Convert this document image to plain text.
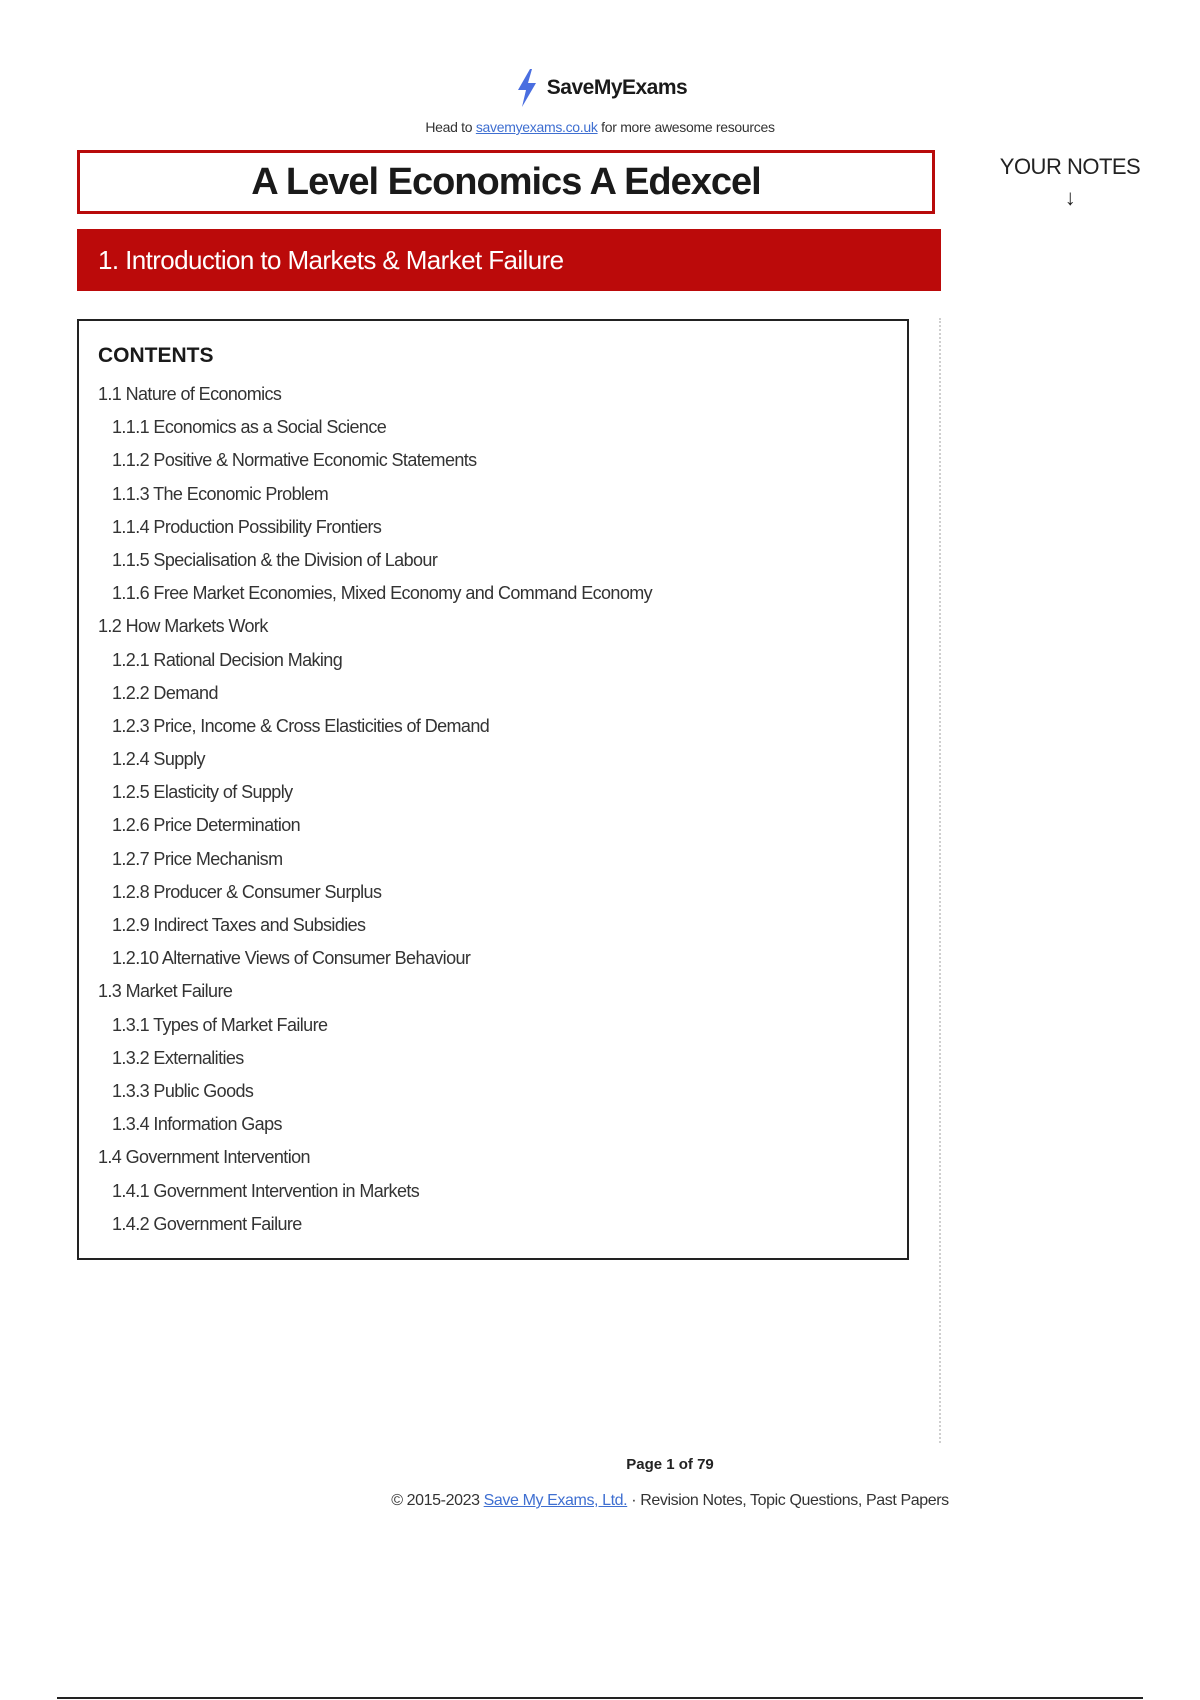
SaveMyExams
Head to savemyexams.co.uk for more awesome resources
A Level Economics A Edexcel
1. Introduction to Markets & Market Failure
YOUR NOTES
↓
CONTENTS
1.1 Nature of Economics
1.1.1 Economics as a Social Science
1.1.2 Positive & Normative Economic Statements
1.1.3 The Economic Problem
1.1.4 Production Possibility Frontiers
1.1.5 Specialisation & the Division of Labour
1.1.6 Free Market Economies, Mixed Economy and Command Economy
1.2 How Markets Work
1.2.1 Rational Decision Making
1.2.2 Demand
1.2.3 Price, Income & Cross Elasticities of Demand
1.2.4 Supply
1.2.5 Elasticity of Supply
1.2.6 Price Determination
1.2.7 Price Mechanism
1.2.8 Producer & Consumer Surplus
1.2.9 Indirect Taxes and Subsidies
1.2.10 Alternative Views of Consumer Behaviour
1.3 Market Failure
1.3.1 Types of Market Failure
1.3.2 Externalities
1.3.3 Public Goods
1.3.4 Information Gaps
1.4 Government Intervention
1.4.1 Government Intervention in Markets
1.4.2 Government Failure
Page 1 of 79
© 2015-2023 Save My Exams, Ltd. · Revision Notes, Topic Questions, Past Papers
